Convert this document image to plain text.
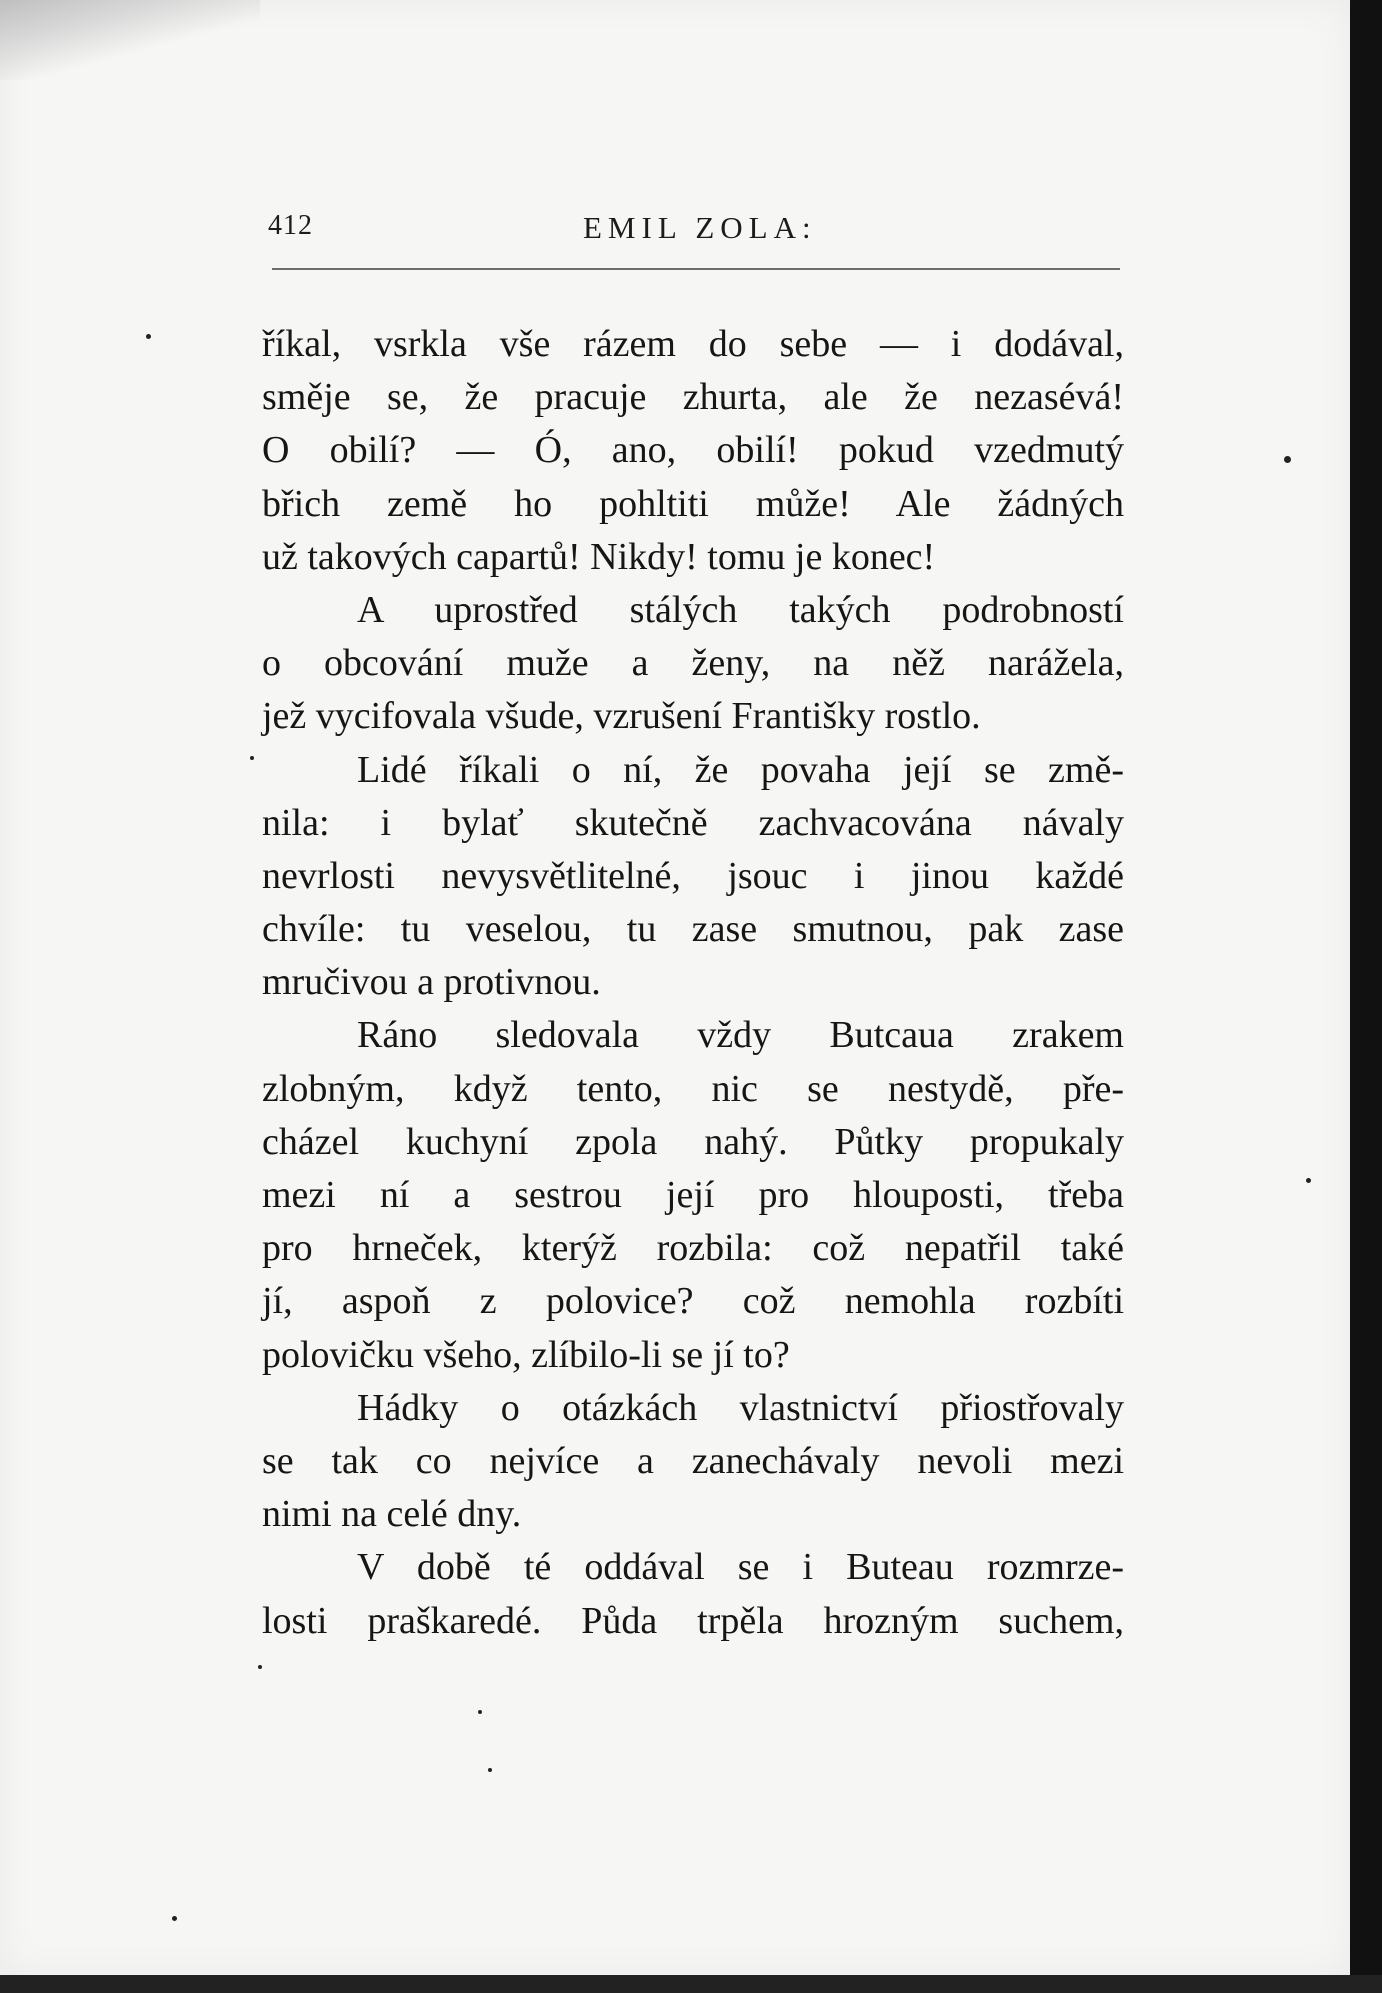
412	EMIL ZOLA:
říkal, vsrkla vše rázem do sebe — i dodával,
směje se, že pracuje zhurta, ale že nezasévá!
O obilí? — Ó, ano, obilí! pokud vzedmutý
břich země ho pohltiti může! Ale žádných
už takových capartů! Nikdy! tomu je konec!
A uprostřed stálých takých podrobností
o obcování muže a ženy, na něž narážela,
jež vycifovala všude, vzrušení Františky rostlo.
Lidé říkali o ní, že povaha její se změ-
nila: i bylať skutečně zachvacována návaly
nevrlosti nevysvětlitelné, jsouc i jinou každé
chvíle: tu veselou, tu zase smutnou, pak zase
mručivou a protivnou.
Ráno sledovala vždy Butcaua zrakem
zlobným, když tento, nic se nestydě, pře-
cházel kuchyní zpola nahý. Půtky propukaly
mezi ní a sestrou její pro hlouposti, třeba
pro hrneček, kterýž rozbila: což nepatřil také
jí, aspoň z polovice? což nemohla rozbíti
polovičku všeho, zlíbilo-li se jí to?
Hádky o otázkách vlastnictví přiostřovaly
se tak co nejvíce a zanechávaly nevoli mezi
nimi na celé dny.
V době té oddával se i Buteau rozmrze-
losti praškaredé. Půda trpěla hrozným suchem,
